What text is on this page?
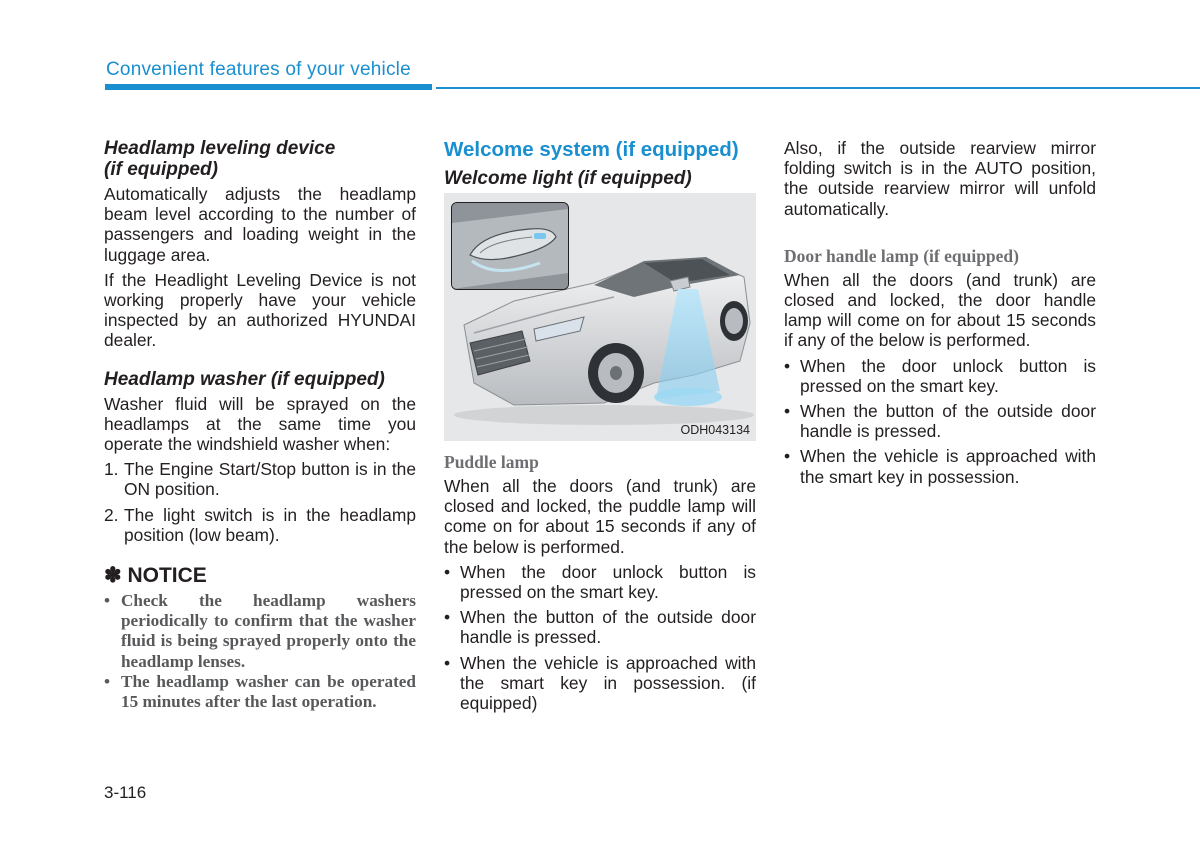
Convenient features of your vehicle
Headlamp leveling device
(if equipped)

Automatically adjusts the headlamp beam level according to the number of passengers and loading weight in the luggage area.

If the Headlight Leveling Device is not working properly have your vehicle inspected by an authorized HYUNDAI dealer.

Headlamp washer (if equipped)

Washer fluid will be sprayed on the headlamps at the same time you operate the windshield washer when:

1. The Engine Start/Stop button is in the ON position.
2. The light switch is in the headlamp position (low beam).
✽ NOTICE
• Check the headlamp washers periodically to confirm that the washer fluid is being sprayed properly onto the headlamp lenses.
• The headlamp washer can be operated 15 minutes after the last operation.
Welcome system (if equipped)
Welcome light (if equipped)
ODH043134
Puddle lamp

When all the doors (and trunk) are closed and locked, the puddle lamp will come on for about 15 seconds if any of the below is performed.

• When the door unlock button is pressed on the smart key.
• When the button of the outside door handle is pressed.
• When the vehicle is approached with the smart key in possession. (if equipped)

Also, if the outside rearview mirror folding switch is in the AUTO position, the outside rearview mirror will unfold automatically.

Door handle lamp (if equipped)

When all the doors (and trunk) are closed and locked, the door handle lamp will come on for about 15 seconds if any of the below is performed.

• When the door unlock button is pressed on the smart key.
• When the button of the outside door handle is pressed.
• When the vehicle is approached with the smart key in possession.
3-116
